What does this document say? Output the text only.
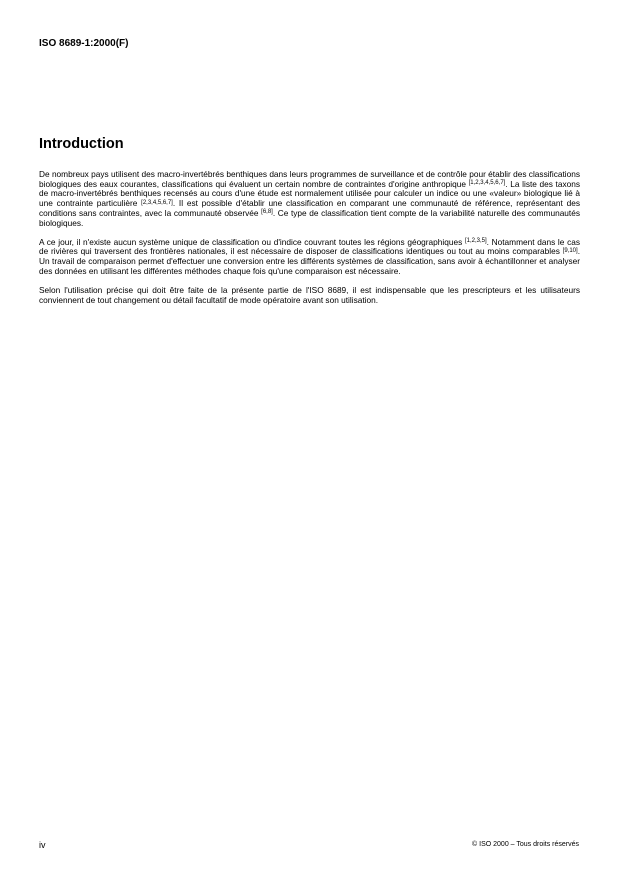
ISO 8689-1:2000(F)
Introduction

De nombreux pays utilisent des macro-invertébrés benthiques dans leurs programmes de surveillance et de contrôle pour établir des classifications biologiques des eaux courantes, classifications qui évaluent un certain nombre de contraintes d'origine anthropique [1,2,3,4,5,6,7]. La liste des taxons de macro-invertébrés benthiques recensés au cours d'une étude est normalement utilisée pour calculer un indice ou une «valeur» biologique lié à une contrainte particulière [2,3,4,5,6,7]. Il est possible d'établir une classification en comparant une communauté de référence, représentant des conditions sans contraintes, avec la communauté observée [6,8]. Ce type de classification tient compte de la variabilité naturelle des communautés biologiques.

A ce jour, il n'existe aucun système unique de classification ou d'indice couvrant toutes les régions géographiques [1,2,3,5]. Notamment dans le cas de rivières qui traversent des frontières nationales, il est nécessaire de disposer de classifications identiques ou tout au moins comparables [9,10]. Un travail de comparaison permet d'effectuer une conversion entre les différents systèmes de classification, sans avoir à échantillonner et analyser des données en utilisant les différentes méthodes chaque fois qu'une comparaison est nécessaire.

Selon l'utilisation précise qui doit être faite de la présente partie de l'ISO 8689, il est indispensable que les prescripteurs et les utilisateurs conviennent de tout changement ou détail facultatif de mode opératoire avant son utilisation.

iv	© ISO 2000 – Tous droits réservés
